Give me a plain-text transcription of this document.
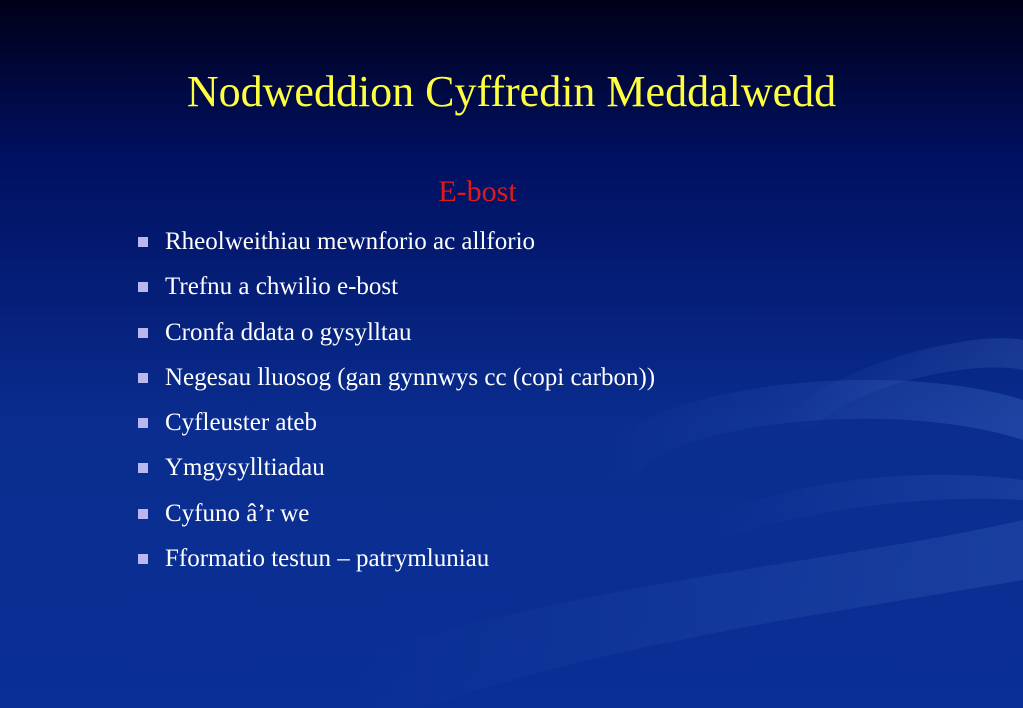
Nodweddion Cyffredin Meddalwedd
E-bost
Rheolweithiau mewnforio ac allforio
Trefnu a chwilio e-bost
Cronfa ddata o gysylltau
Negesau lluosog (gan gynnwys cc (copi carbon))
Cyfleuster ateb
Ymgysylltiadau
Cyfuno â’r we
Fformatio testun – patrymluniau
